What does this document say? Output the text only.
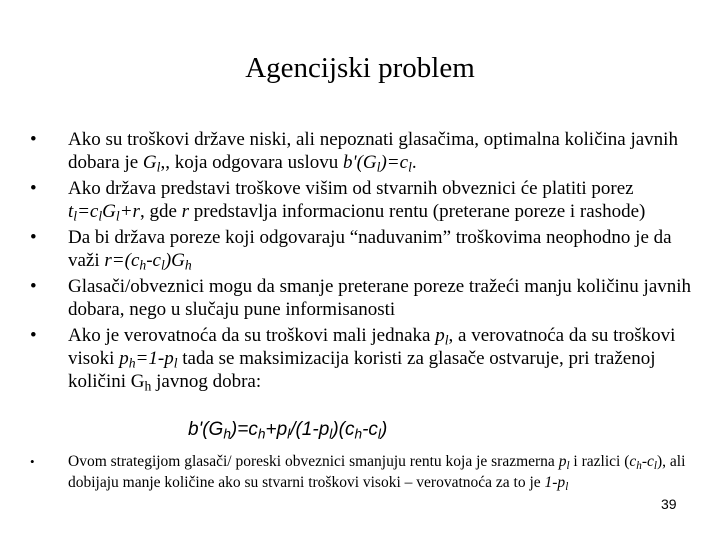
Agencijski problem
• Ako su troškovi države niski, ali nepoznati glasačima, optimalna količina javnih dobara je $G_l$,, koja odgovara uslovu $b'(G_l)=c_l$.
• Ako država predstavi troškove višim od stvarnih obveznici će platiti porez $t_l=c_lG_l+r$, gde r predstavlja informacionu rentu (preterane poreze i rashode)
• Da bi država poreze koji odgovaraju “naduvanim” troškovima neophodno je da važi $r=(c_h-c_l)G_h$
• Glasači/obveznici mogu da smanje preterane poreze tražeći manju količinu javnih dobara, nego u slučaju pune informisanosti
• Ako je verovatnoća da su troškovi mali jednaka $p_l$, a verovatnoća da su troškovi visoki $p_h=1-p_l$ tada se maksimizacija koristi za glasače ostvaruje, pri traženoj količini $G_h$ javnog dobra:
$b'(G_h)=c_h+p_l/(1-p_l)(c_h-c_l)$
• Ovom strategijom glasači/ poreski obveznici smanjuju rentu koja je srazmerna $p_l$ i razlici $(c_h-c_l)$, ali dobijaju manje količine ako su stvarni troškovi visoki – verovatnoća za to je $1-p_l$
39
